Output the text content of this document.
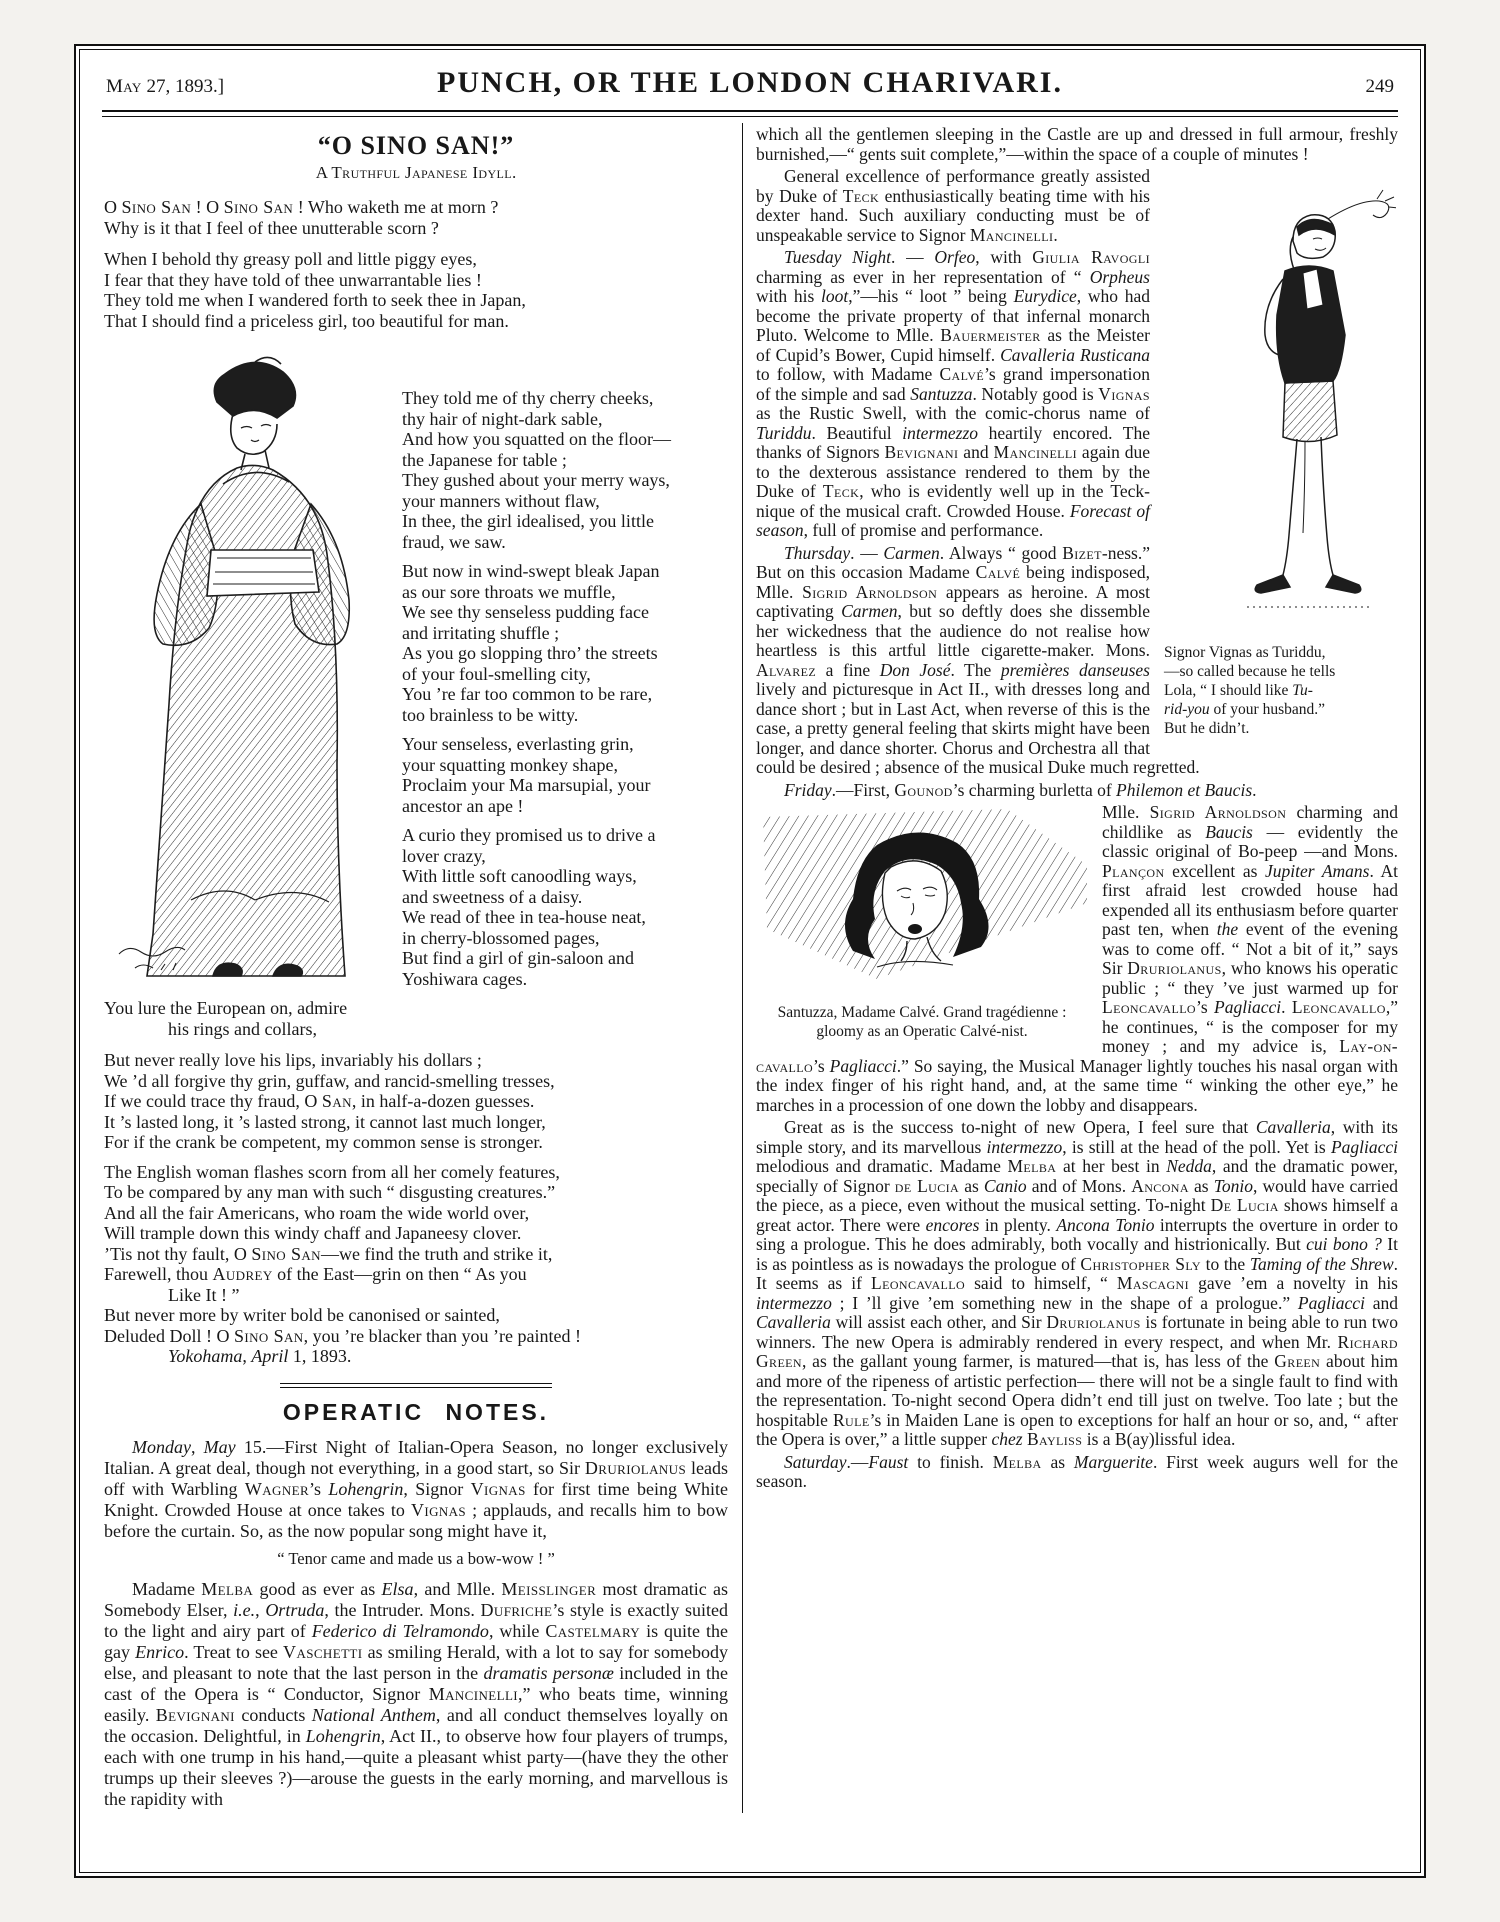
May 27, 1893.]	PUNCH, OR THE LONDON CHARIVARI.	249
“O SINO SAN!”
A Truthful Japanese Idyll.
O Sino San ! O Sino San ! Who waketh me at morn ?
Why is it that I feel of thee unutterable scorn ?
When I behold thy greasy poll and little piggy eyes,
I fear that they have told of thee unwarrantable lies !
They told me when I wandered forth to seek thee in Japan,
That I should find a priceless girl, too beautiful for man.
They told me of thy cherry cheeks,
thy hair of night-dark sable,
And how you squatted on the floor—
the Japanese for table ;
They gushed about your merry ways,
your manners without flaw,
In thee, the girl idealised, you little
fraud, we saw.
But now in wind-swept bleak Japan
as our sore throats we muffle,
We see thy senseless pudding face
and irritating shuffle ;
As you go slopping thro’ the streets
of your foul-smelling city,
You ’re far too common to be rare,
too brainless to be witty.
Your senseless, everlasting grin,
your squatting monkey shape,
Proclaim your Ma marsupial, your
ancestor an ape !
A curio they promised us to drive a
lover crazy,
With little soft canoodling ways,
and sweetness of a daisy.
We read of thee in tea-house neat,
in cherry-blossomed pages,
But find a girl of gin-saloon and
Yoshiwara cages.
You lure the European on, admire
his rings and collars,
But never really love his lips, invariably his dollars ;
We ’d all forgive thy grin, guffaw, and rancid-smelling tresses,
If we could trace thy fraud, O San, in half-a-dozen guesses.
It ’s lasted long, it ’s lasted strong, it cannot last much longer,
For if the crank be competent, my common sense is stronger.
The English woman flashes scorn from all her comely features,
To be compared by any man with such “ disgusting creatures.”
And all the fair Americans, who roam the wide world over,
Will trample down this windy chaff and Japaneesy clover.
’Tis not thy fault, O Sino San—we find the truth and strike it,
Farewell, thou Audrey of the East—grin on then “ As you
Like It ! ”
But never more by writer bold be canonised or sainted,
Deluded Doll ! O Sino San, you ’re blacker than you ’re painted !
Yokohama, April 1, 1893.
OPERATIC NOTES.

Monday, May 15.—First Night of Italian-Opera Season, no longer exclusively Italian. A great deal, though not everything, in a good start, so Sir Druriolanus leads off with Warbling Wagner’s Lohengrin, Signor Vignas for first time being White Knight. Crowded House at once takes to Vignas ; applauds, and recalls him to bow before the curtain. So, as the now popular song might have it,

“ Tenor came and made us a bow-wow ! ”

Madame Melba good as ever as Elsa, and Mlle. Meisslinger most dramatic as Somebody Elser, i.e., Ortruda, the Intruder. Mons. Dufriche’s style is exactly suited to the light and airy part of Federico di Telramondo, while Castelmary is quite the gay Enrico. Treat to see Vaschetti as smiling Herald, with a lot to say for somebody else, and pleasant to note that the last person in the dramatis personæ included in the cast of the Opera is “ Conductor, Signor Mancinelli,” who beats time, winning easily. Bevignani conducts National Anthem, and all conduct themselves loyally on the occasion. Delightful, in Lohengrin, Act II., to observe how four players of trumps, each with one trump in his hand,—quite a pleasant whist party—(have they the other trumps up their sleeves ?)—arouse the guests in the early morning, and marvellous is the rapidity with

which all the gentlemen sleeping in the Castle are up and dressed in full armour, freshly burnished,—“ gents suit complete,”—within the space of a couple of minutes !

Signor Vignas as Turiddu,
—so called because he tells
Lola, “ I should like Tu-
rid-you of your husband.”
But he didn’t.

General excellence of performance greatly assisted by Duke of Teck enthusiastically beating time with his dexter hand. Such auxiliary conducting must be of unspeakable service to Signor Mancinelli.

Tuesday Night. — Orfeo, with Giulia Ravogli charming as ever in her representation of “ Orpheus with his loot,”—his “ loot ” being Eurydice, who had become the private property of that infernal monarch Pluto. Welcome to Mlle. Bauermeister as the Meister of Cupid’s Bower, Cupid himself. Cavalleria Rusticana to follow, with Madame Calvé’s grand impersonation of the simple and sad Santuzza. Notably good is Vignas as the Rustic Swell, with the comic-chorus name of Turiddu. Beautiful intermezzo heartily encored. The thanks of Signors Bevignani and Mancinelli again due to the dexterous assistance rendered to them by the Duke of Teck, who is evidently well up in the Teck-nique of the musical craft. Crowded House. Forecast of season, full of promise and performance.

Thursday. — Carmen. Always “ good Bizet-ness.” But on this occasion Madame Calvé being indisposed, Mlle. Sigrid Arnoldson appears as heroine. A most captivating Carmen, but so deftly does she dissemble her wickedness that the audience do not realise how heartless is this artful little cigarette-maker. Mons. Alvarez a fine Don José. The premières danseuses lively and picturesque in Act II., with dresses long and dance short ; but in Last Act, when reverse of this is the case, a pretty general feeling that skirts might have been longer, and dance shorter. Chorus and Orchestra all that could be desired ; absence of the musical Duke much regretted.

Friday.—First, Gounod’s charming burletta of Philemon et Baucis.

Santuzza, Madame Calvé. Grand tragédienne :
gloomy as an Operatic Calvé-nist.

Mlle. Sigrid Arnoldson charming and childlike as Baucis — evidently the classic original of Bo-peep —and Mons. Plançon excellent as Jupiter Amans. At first afraid lest crowded house had expended all its enthusiasm before quarter past ten, when the event of the evening was to come off. “ Not a bit of it,” says Sir Druriolanus, who knows his operatic public ; “ they ’ve just warmed up for Leoncavallo’s Pagliacci. Leoncavallo,” he continues, “ is the composer for my money ; and my advice is, Lay-on-cavallo’s Pagliacci.” So saying, the Musical Manager lightly touches his nasal organ with the index finger of his right hand, and, at the same time “ winking the other eye,” he marches in a procession of one down the lobby and disappears.

Great as is the success to-night of new Opera, I feel sure that Cavalleria, with its simple story, and its marvellous intermezzo, is still at the head of the poll. Yet is Pagliacci melodious and dramatic. Madame Melba at her best in Nedda, and the dramatic power, specially of Signor de Lucia as Canio and of Mons. Ancona as Tonio, would have carried the piece, as a piece, even without the musical setting. To-night De Lucia shows himself a great actor. There were encores in plenty. Ancona Tonio interrupts the overture in order to sing a prologue. This he does admirably, both vocally and histrionically. But cui bono ? It is as pointless as is nowadays the prologue of Christopher Sly to the Taming of the Shrew. It seems as if Leoncavallo said to himself, “ Mascagni gave ’em a novelty in his intermezzo ; I ’ll give ’em something new in the shape of a prologue.” Pagliacci and Cavalleria will assist each other, and Sir Druriolanus is fortunate in being able to run two winners. The new Opera is admirably rendered in every respect, and when Mr. Richard Green, as the gallant young farmer, is matured—that is, has less of the Green about him and more of the ripeness of artistic perfection— there will not be a single fault to find with the representation. To-night second Opera didn’t end till just on twelve. Too late ; but the hospitable Rule’s in Maiden Lane is open to exceptions for half an hour or so, and, “ after the Opera is over,” a little supper chez Bayliss is a B(ay)lissful idea.

Saturday.—Faust to finish. Melba as Marguerite. First week augurs well for the season.
